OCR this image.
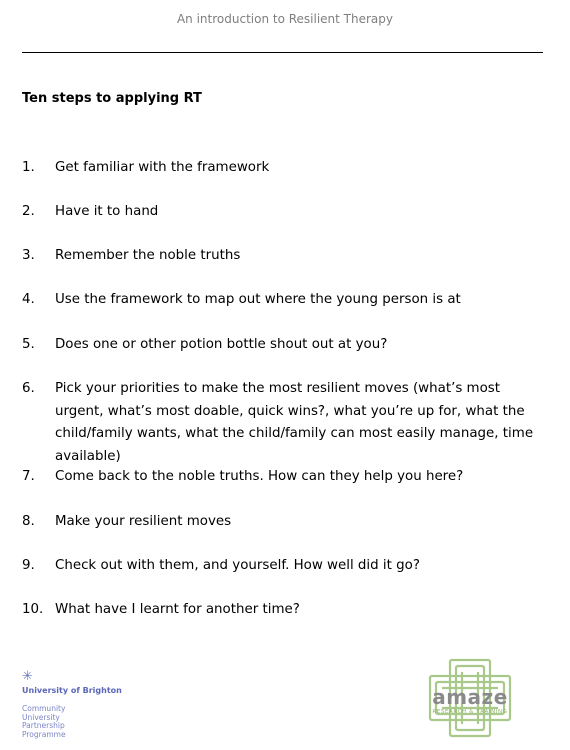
An introduction to Resilient Therapy
Ten steps to applying RT
1.	Get familiar with the framework
2.	Have it to hand
3.	Remember the noble truths
4.	Use the framework to map out where the young person is at
5.	Does one or other potion bottle shout out at you?
6.	Pick your priorities to make the most resilient moves (what’s most urgent, what’s most doable, quick wins?, what you’re up for, what the child/family wants, what the child/family can most easily manage, time available)
7.	Come back to the noble truths. How can they help you here?
8.	Make your resilient moves
9.	Check out with them, and yourself. How well did it go?
10. What have I learnt for another time?
✳
University of Brighton
Community
University
Partnership
Programme
amaze
RESEARCH & TRAINING
